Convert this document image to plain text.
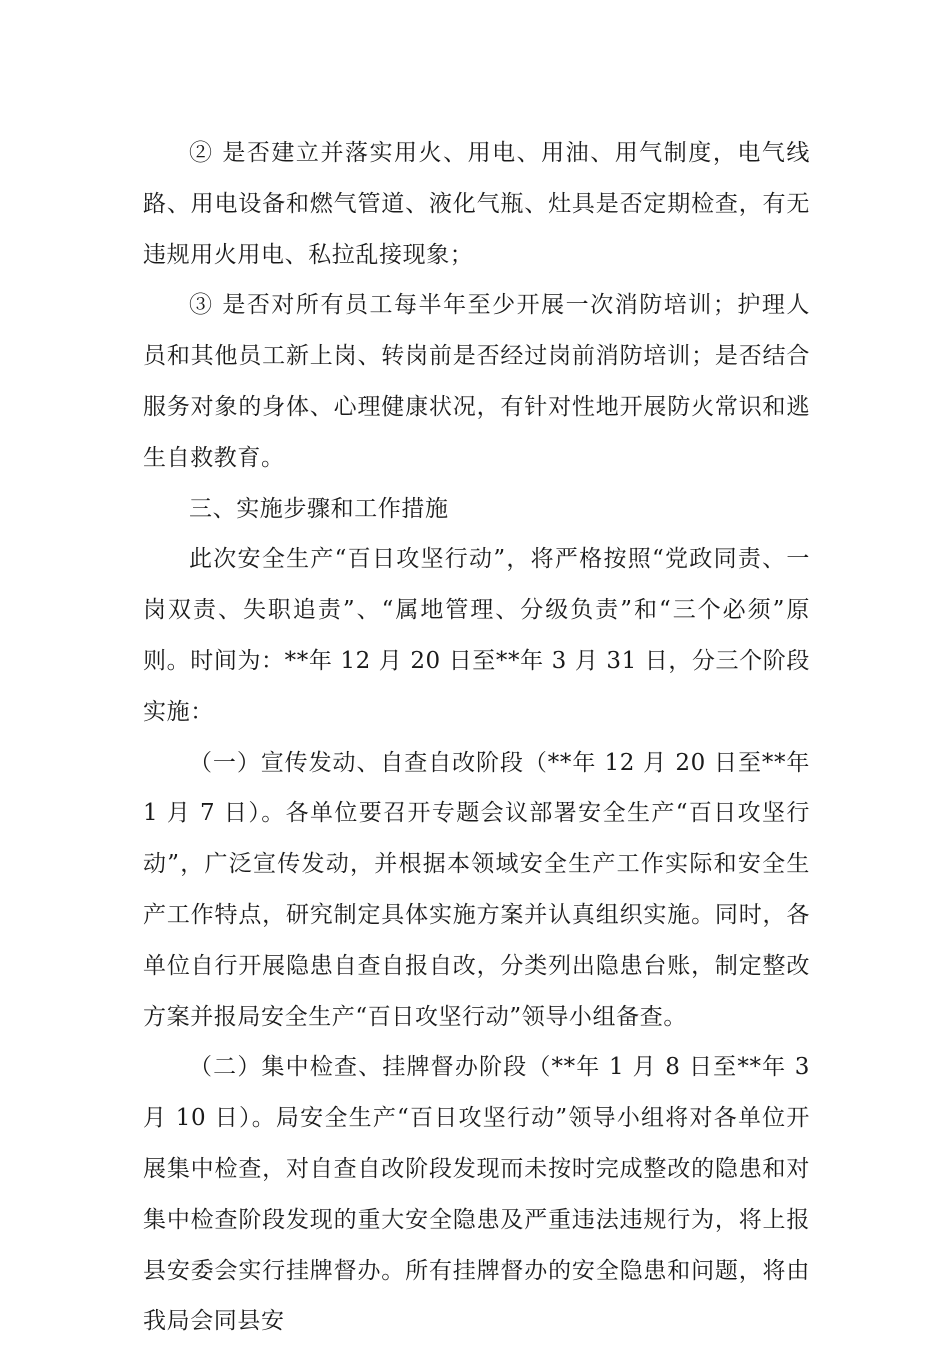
② 是否建立并落实用火、用电、用油、用气制度，电气线路、用电设备和燃气管道、液化气瓶、灶具是否定期检查，有无违规用火用电、私拉乱接现象；

③ 是否对所有员工每半年至少开展一次消防培训；护理人员和其他员工新上岗、转岗前是否经过岗前消防培训；是否结合服务对象的身体、心理健康状况，有针对性地开展防火常识和逃生自救教育。

三、实施步骤和工作措施

此次安全生产“百日攻坚行动”，将严格按照“党政同责、一岗双责、失职追责”、“属地管理、分级负责”和“三个必须”原则。时间为：**年 12 月 20 日至**年 3 月 31 日，分三个阶段实施：

（一）宣传发动、自查自改阶段（**年 12 月 20 日至**年 1 月 7 日）。各单位要召开专题会议部署安全生产“百日攻坚行动”，广泛宣传发动，并根据本领域安全生产工作实际和安全生产工作特点，研究制定具体实施方案并认真组织实施。同时，各单位自行开展隐患自查自报自改，分类列出隐患台账，制定整改方案并报局安全生产“百日攻坚行动”领导小组备查。

（二）集中检查、挂牌督办阶段（**年 1 月 8 日至**年 3 月 10 日）。局安全生产“百日攻坚行动”领导小组将对各单位开展集中检查，对自查自改阶段发现而未按时完成整改的隐患和对集中检查阶段发现的重大安全隐患及严重违法违规行为，将上报县安委会实行挂牌督办。所有挂牌督办的安全隐患和问题，将由我局会同县安
